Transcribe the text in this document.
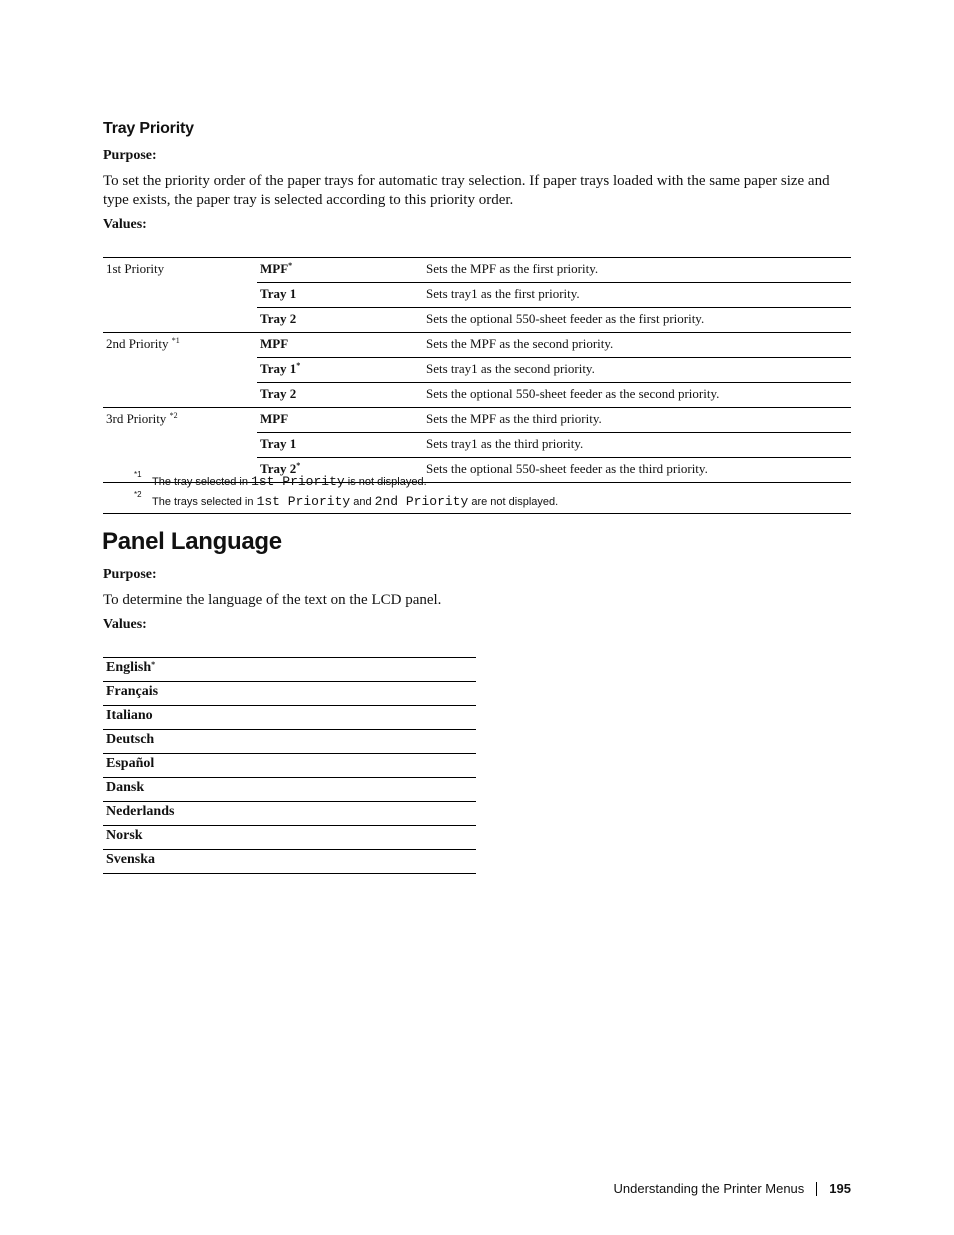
Tray Priority
Purpose:
To set the priority order of the paper trays for automatic tray selection. If paper trays loaded with the same paper size and type exists, the paper tray is selected according to this priority order.
Values:
1st Priority	MPF*	Sets the MPF as the first priority.
	Tray 1	Sets tray1 as the first priority.
	Tray 2	Sets the optional 550-sheet feeder as the first priority.
2nd Priority $^{*1}$	MPF	Sets the MPF as the second priority.
	Tray 1*	Sets tray1 as the second priority.
	Tray 2	Sets the optional 550-sheet feeder as the second priority.
3rd Priority $^{*2}$	MPF	Sets the MPF as the third priority.
	Tray 1	Sets tray1 as the third priority.
	Tray 2*	Sets the optional 550-sheet feeder as the third priority.
*1
The tray selected in 1st Priority is not displayed.
*2
The trays selected in 1st Priority and 2nd Priority are not displayed.
Panel Language
Purpose:
To determine the language of the text on the LCD panel.
Values:
English*
Français
Italiano
Deutsch
Español
Dansk
Nederlands
Norsk
Svenska
Understanding the Printer Menus 195
